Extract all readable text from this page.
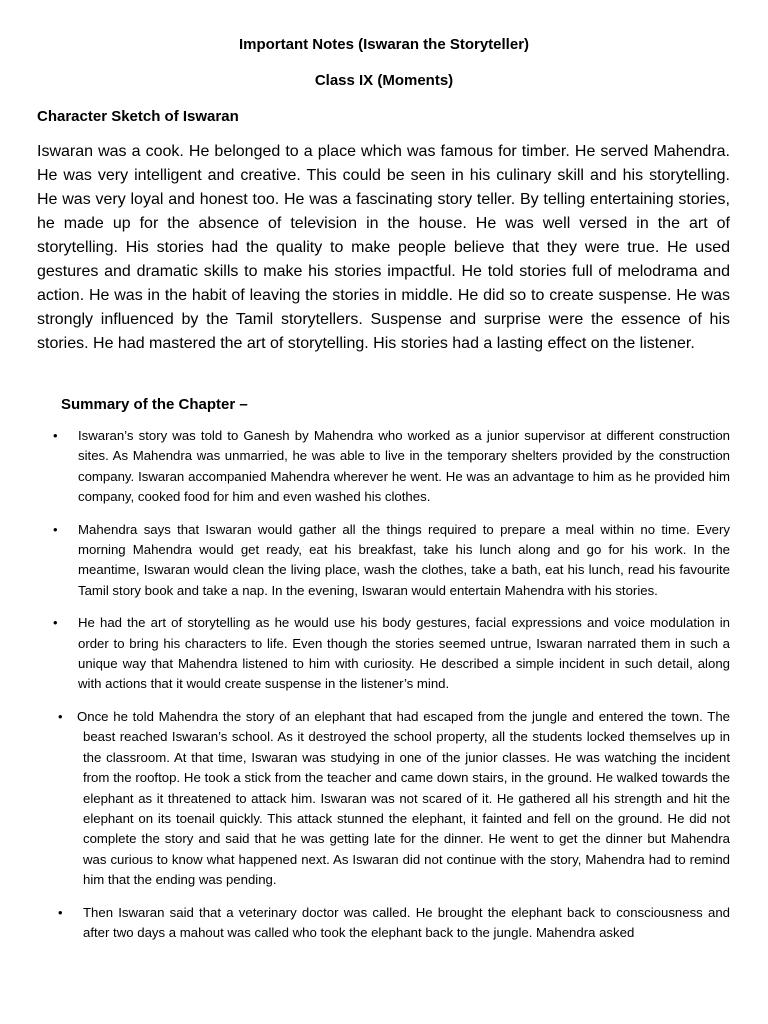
Important Notes (Iswaran the Storyteller)
Class IX (Moments)
Character Sketch of Iswaran
Iswaran was a cook. He belonged to a place which was famous for timber. He served Mahendra. He was very intelligent and creative. This could be seen in his culinary skill and his storytelling. He was very loyal and honest too. He was a fascinating story teller. By telling entertaining stories, he made up for the absence of television in the house. He was well versed in the art of storytelling. His stories had the quality to make people believe that they were true. He used gestures and dramatic skills to make his stories impactful. He told stories full of melodrama and action. He was in the habit of leaving the stories in middle. He did so to create suspense. He was strongly influenced by the Tamil storytellers. Suspense and surprise were the essence of his stories. He had mastered the art of storytelling. His stories had a lasting effect on the listener.
Summary of the Chapter –
• Iswaran’s story was told to Ganesh by Mahendra who worked as a junior supervisor at different construction sites. As Mahendra was unmarried, he was able to live in the temporary shelters provided by the construction company. Iswaran accompanied Mahendra wherever he went. He was an advantage to him as he provided him company, cooked food for him and even washed his clothes.
• Mahendra says that Iswaran would gather all the things required to prepare a meal within no time. Every morning Mahendra would get ready, eat his breakfast, take his lunch along and go for his work. In the meantime, Iswaran would clean the living place, wash the clothes, take a bath, eat his lunch, read his favourite Tamil story book and take a nap. In the evening, Iswaran would entertain Mahendra with his stories.
• He had the art of storytelling as he would use his body gestures, facial expressions and voice modulation in order to bring his characters to life. Even though the stories seemed untrue, Iswaran narrated them in such a unique way that Mahendra listened to him with curiosity. He described a simple incident in such detail, along with actions that it would create suspense in the listener’s mind.
• Once he told Mahendra the story of an elephant that had escaped from the jungle and entered the town. The beast reached Iswaran’s school. As it destroyed the school property, all the students locked themselves up in the classroom. At that time, Iswaran was studying in one of the junior classes. He was watching the incident from the rooftop. He took a stick from the teacher and came down stairs, in the ground. He walked towards the elephant as it threatened to attack him. Iswaran was not scared of it. He gathered all his strength and hit the elephant on its toenail quickly. This attack stunned the elephant, it fainted and fell on the ground. He did not complete the story and said that he was getting late for the dinner. He went to get the dinner but Mahendra was curious to know what happened next. As Iswaran did not continue with the story, Mahendra had to remind him that the ending was pending.
• Then Iswaran said that a veterinary doctor was called. He brought the elephant back to consciousness and after two days a mahout was called who took the elephant back to the jungle. Mahendra asked
